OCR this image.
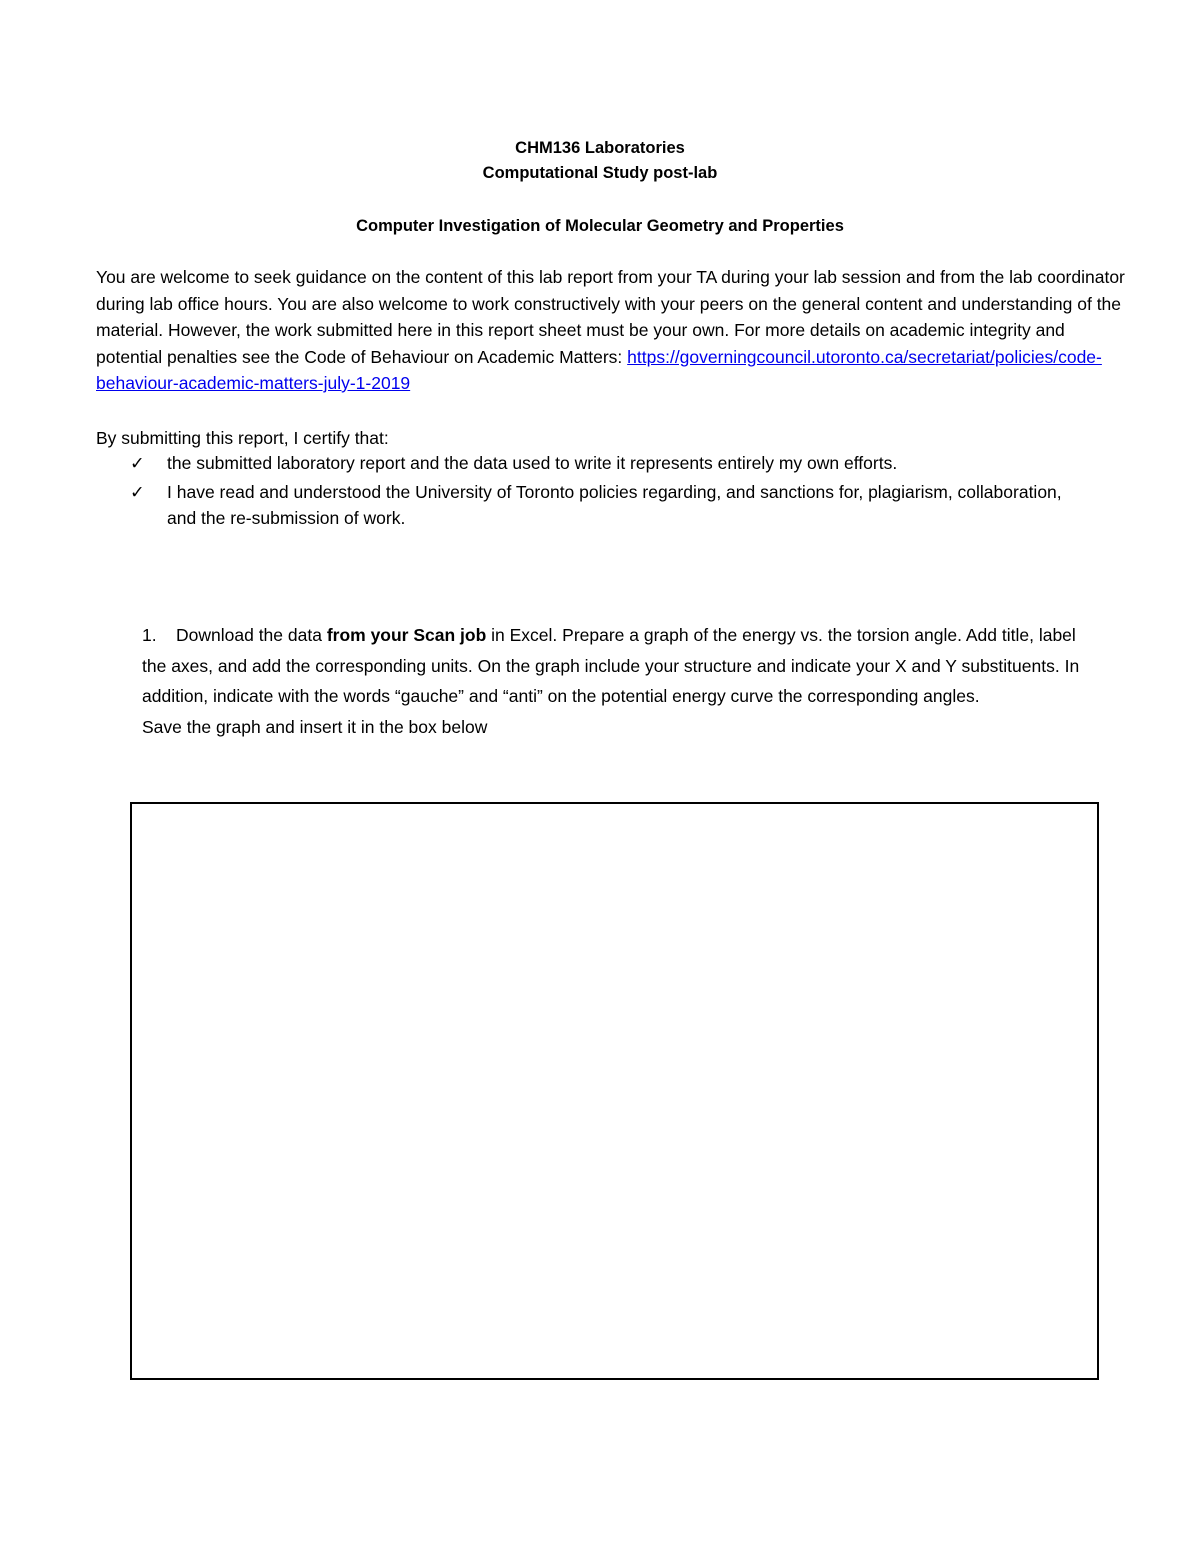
CHM136 Laboratories
Computational Study post-lab
Computer Investigation of Molecular Geometry and Properties
You are welcome to seek guidance on the content of this lab report from your TA during your lab session and from the lab coordinator during lab office hours. You are also welcome to work constructively with your peers on the general content and understanding of the material. However, the work submitted here in this report sheet must be your own. For more details on academic integrity and potential penalties see the Code of Behaviour on Academic Matters: https://governingcouncil.utoronto.ca/secretariat/policies/code-behaviour-academic-matters-july-1-2019
By submitting this report, I certify that:
✓	the submitted laboratory report and the data used to write it represents entirely my own efforts.
✓	I have read and understood the University of Toronto policies regarding, and sanctions for, plagiarism, collaboration, and the re-submission of work.
1. Download the data from your Scan job in Excel. Prepare a graph of the energy vs. the torsion angle. Add title, label the axes, and add the corresponding units. On the graph include your structure and indicate your X and Y substituents. In addition, indicate with the words “gauche” and “anti” on the potential energy curve the corresponding angles.
Save the graph and insert it in the box below
